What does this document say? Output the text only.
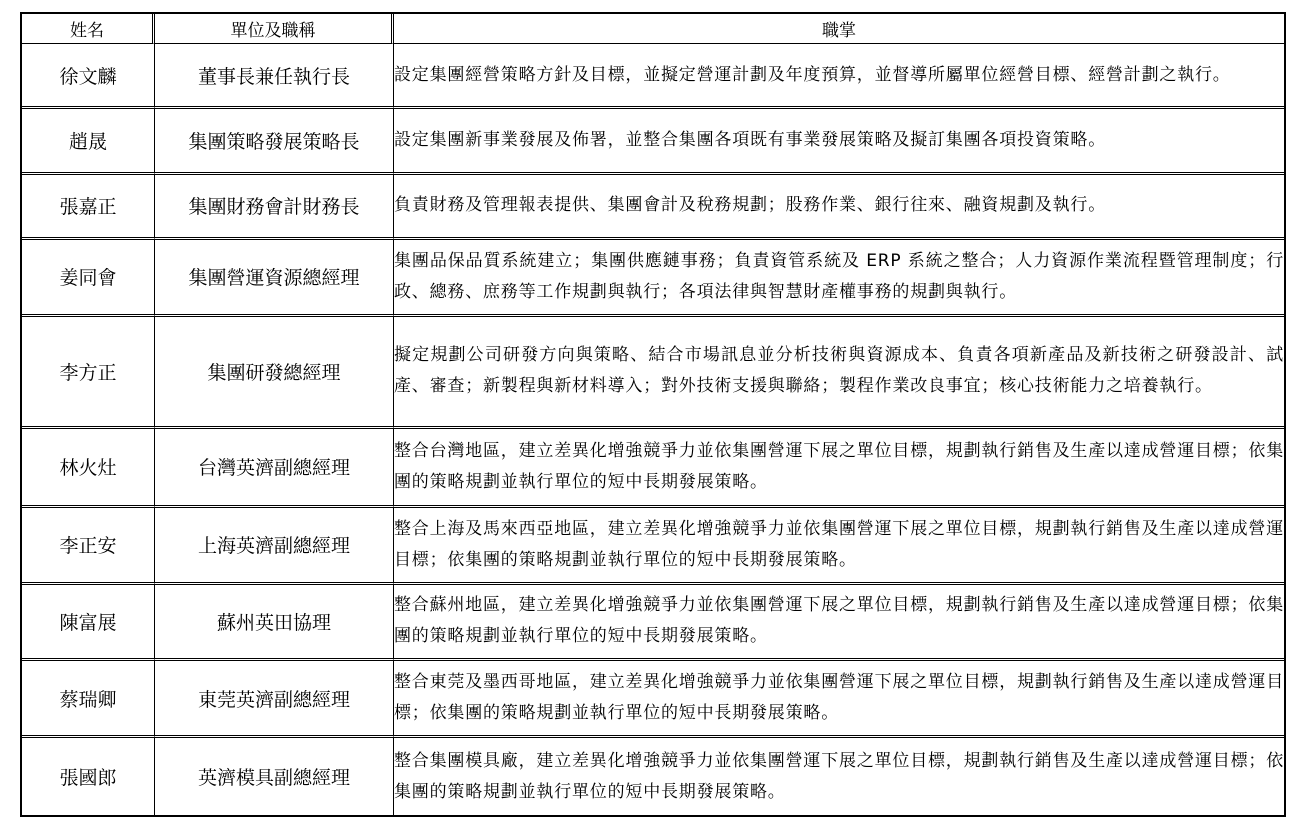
姓名	單位及職稱	職掌
徐文麟	董事長兼任執行長	設定集團經營策略方針及目標，並擬定營運計劃及年度預算，並督導所屬單位經營目標、經營計劃之執行。
趙晟	集團策略發展策略長	設定集團新事業發展及佈署，並整合集團各項既有事業發展策略及擬訂集團各項投資策略。
張嘉正	集團財務會計財務長	負責財務及管理報表提供、集團會計及稅務規劃；股務作業、銀行往來、融資規劃及執行。
姜同會	集團營運資源總經理	集團品保品質系統建立；集團供應鏈事務；負責資管系統及 ERP 系統之整合；人力資源作業流程暨管理制度；行政、總務、庶務等工作規劃與執行；各項法律與智慧財產權事務的規劃與執行。
李方正	集團研發總經理	擬定規劃公司研發方向與策略、結合市場訊息並分析技術與資源成本、負責各項新產品及新技術之研發設計、試產、審查；新製程與新材料導入；對外技術支援與聯絡；製程作業改良事宜；核心技術能力之培養執行。
林火灶	台灣英濟副總經理	整合台灣地區，建立差異化增強競爭力並依集團營運下展之單位目標，規劃執行銷售及生產以達成營運目標；依集團的策略規劃並執行單位的短中長期發展策略。
李正安	上海英濟副總經理	整合上海及馬來西亞地區，建立差異化增強競爭力並依集團營運下展之單位目標，規劃執行銷售及生產以達成營運目標；依集團的策略規劃並執行單位的短中長期發展策略。
陳富展	蘇州英田協理	整合蘇州地區，建立差異化增強競爭力並依集團營運下展之單位目標，規劃執行銷售及生產以達成營運目標；依集團的策略規劃並執行單位的短中長期發展策略。
蔡瑞卿	東莞英濟副總經理	整合東莞及墨西哥地區，建立差異化增強競爭力並依集團營運下展之單位目標，規劃執行銷售及生產以達成營運目標；依集團的策略規劃並執行單位的短中長期發展策略。
張國郎	英濟模具副總經理	整合集團模具廠，建立差異化增強競爭力並依集團營運下展之單位目標，規劃執行銷售及生產以達成營運目標；依集團的策略規劃並執行單位的短中長期發展策略。
